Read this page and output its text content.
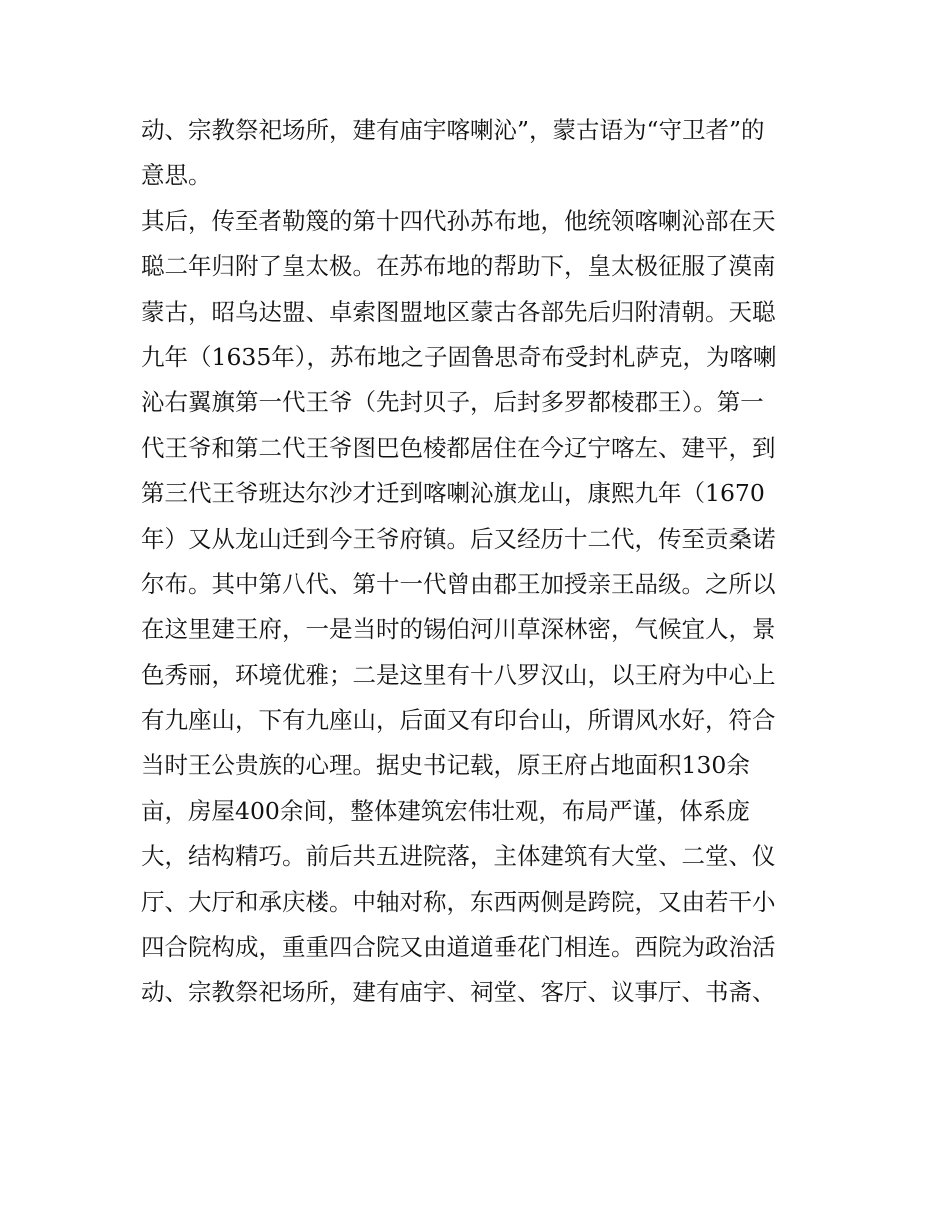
动、宗教祭祀场所，建有庙宇喀喇沁”，蒙古语为“守卫者”的
意思。
其后，传至者勒篾的第十四代孙苏布地，他统领喀喇沁部在天
聪二年归附了皇太极。在苏布地的帮助下，皇太极征服了漠南
蒙古，昭乌达盟、卓索图盟地区蒙古各部先后归附清朝。天聪
九年（1635年），苏布地之子固鲁思奇布受封札萨克，为喀喇
沁右翼旗第一代王爷（先封贝子，后封多罗都棱郡王）。第一
代王爷和第二代王爷图巴色棱都居住在今辽宁喀左、建平，到
第三代王爷班达尔沙才迁到喀喇沁旗龙山，康熙九年（1670
年）又从龙山迁到今王爷府镇。后又经历十二代，传至贡桑诺
尔布。其中第八代、第十一代曾由郡王加授亲王品级。之所以
在这里建王府，一是当时的锡伯河川草深林密，气候宜人，景
色秀丽，环境优雅；二是这里有十八罗汉山，以王府为中心上
有九座山，下有九座山，后面又有印台山，所谓风水好，符合
当时王公贵族的心理。据史书记载，原王府占地面积130余
亩，房屋400余间，整体建筑宏伟壮观，布局严谨，体系庞
大，结构精巧。前后共五进院落，主体建筑有大堂、二堂、仪
厅、大厅和承庆楼。中轴对称，东西两侧是跨院，又由若干小
四合院构成，重重四合院又由道道垂花门相连。西院为政治活
动、宗教祭祀场所，建有庙宇、祠堂、客厅、议事厅、书斋、
